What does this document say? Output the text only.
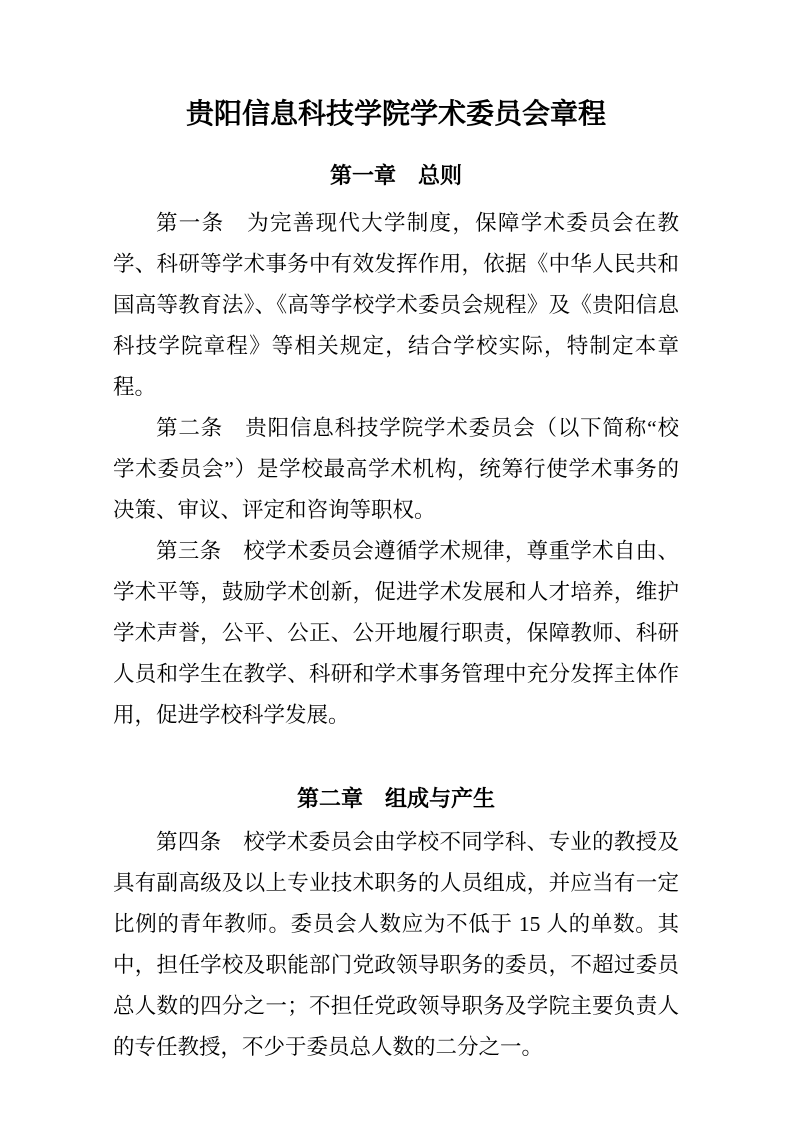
贵阳信息科技学院学术委员会章程
第一章　总则

第一条　为完善现代大学制度，保障学术委员会在教学、科研等学术事务中有效发挥作用，依据《中华人民共和国高等教育法》、《高等学校学术委员会规程》及《贵阳信息科技学院章程》等相关规定，结合学校实际，特制定本章程。

第二条　贵阳信息科技学院学术委员会（以下简称“校学术委员会”）是学校最高学术机构，统筹行使学术事务的决策、审议、评定和咨询等职权。

第三条　校学术委员会遵循学术规律，尊重学术自由、学术平等，鼓励学术创新，促进学术发展和人才培养，维护学术声誉，公平、公正、公开地履行职责，保障教师、科研人员和学生在教学、科研和学术事务管理中充分发挥主体作用，促进学校科学发展。

第二章　组成与产生

第四条　校学术委员会由学校不同学科、专业的教授及具有副高级及以上专业技术职务的人员组成，并应当有一定比例的青年教师。委员会人数应为不低于 15 人的单数。其中，担任学校及职能部门党政领导职务的委员，不超过委员总人数的四分之一；不担任党政领导职务及学院主要负责人的专任教授，不少于委员总人数的二分之一。
